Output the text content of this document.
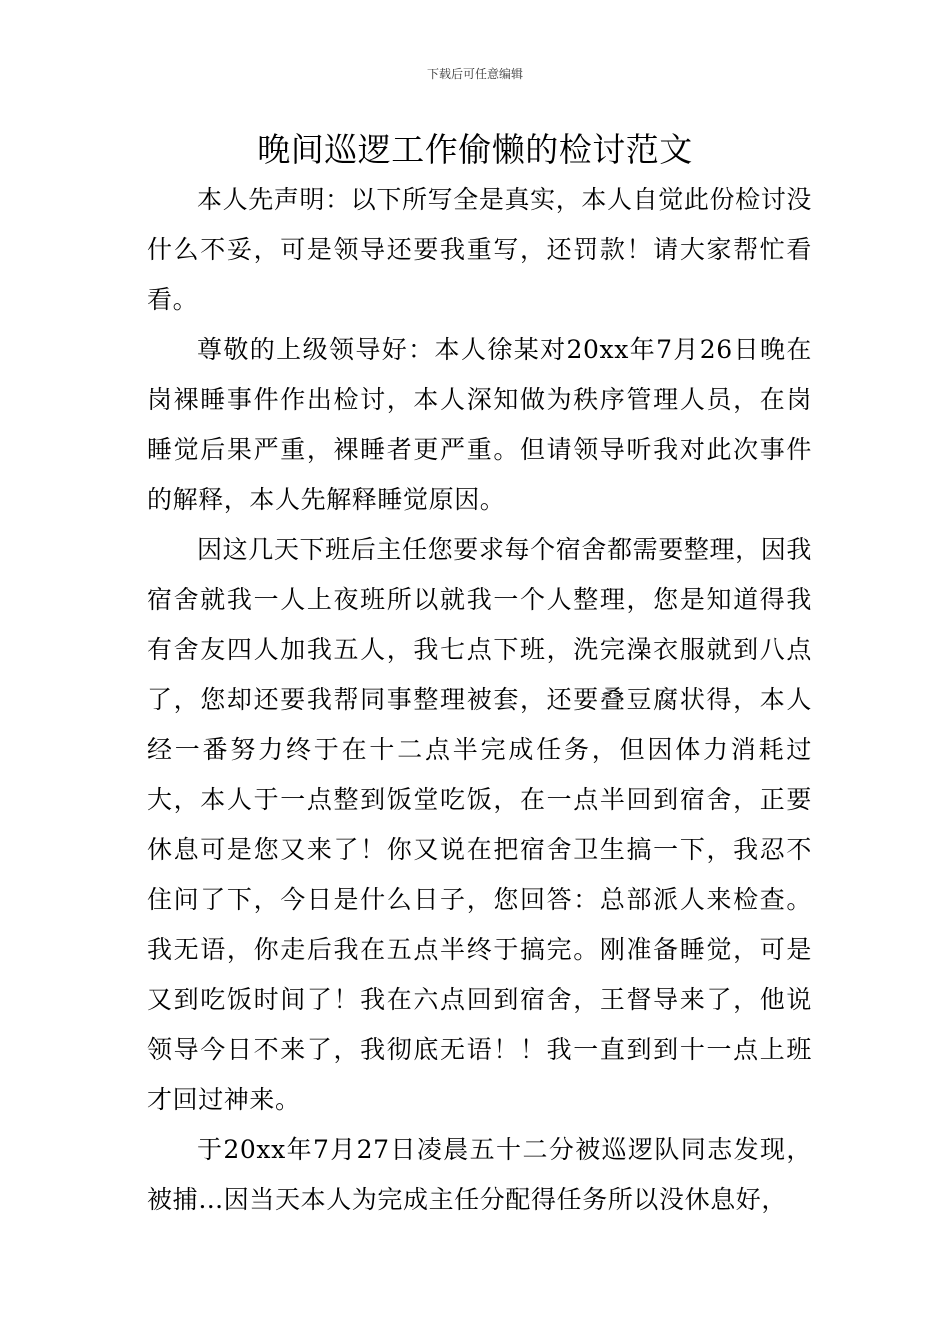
下载后可任意编辑
晚间巡逻工作偷懒的检讨范文

本人先声明：以下所写全是真实，本人自觉此份检讨没什么不妥，可是领导还要我重写，还罚款！请大家帮忙看看。

尊敬的上级领导好：本人徐某对20xx年7月26日晚在岗裸睡事件作出检讨，本人深知做为秩序管理人员，在岗睡觉后果严重，裸睡者更严重。但请领导听我对此次事件的解释，本人先解释睡觉原因。

因这几天下班后主任您要求每个宿舍都需要整理，因我宿舍就我一人上夜班所以就我一个人整理，您是知道得我有舍友四人加我五人，我七点下班，洗完澡衣服就到八点了，您却还要我帮同事整理被套，还要叠豆腐状得，本人经一番努力终于在十二点半完成任务，但因体力消耗过大，本人于一点整到饭堂吃饭，在一点半回到宿舍，正要休息可是您又来了！你又说在把宿舍卫生搞一下，我忍不住问了下，今日是什么日子，您回答：总部派人来检查。我无语，你走后我在五点半终于搞完。刚准备睡觉，可是又到吃饭时间了！我在六点回到宿舍，王督导来了，他说领导今日不来了，我彻底无语！！我一直到到十一点上班才回过神来。

于20xx年7月27日凌晨五十二分被巡逻队同志发现，被捕…因当天本人为完成主任分配得任务所以没休息好，
